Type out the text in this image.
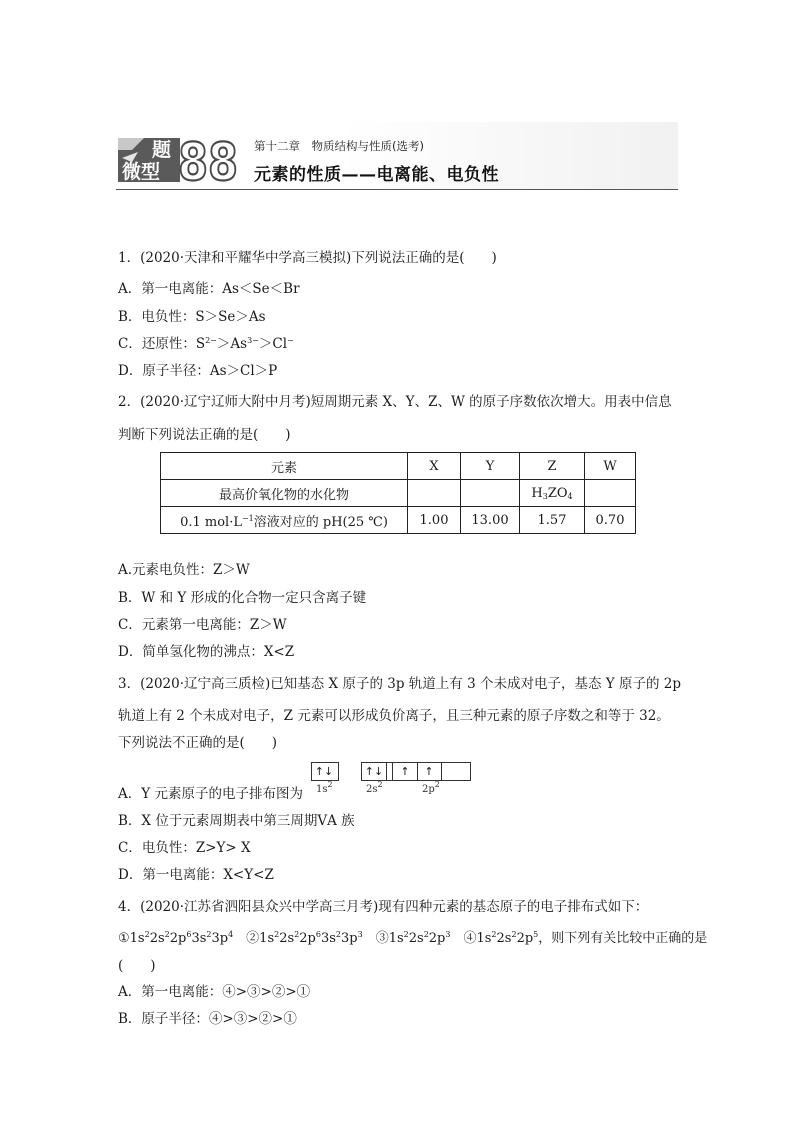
题
微型 88 第十二章　物质结构与性质(选考)
元素的性质——电离能、电负性
1．(2020·天津和平耀华中学高三模拟)下列说法正确的是(　　)
A．第一电离能：As＜Se＜Br
B．电负性：S＞Se＞As
C．还原性：$S^{2-}>As^{3-}>Cl^-$
D．原子半径：As＞Cl＞P
2．(2020·辽宁辽师大附中月考)短周期元素 X、Y、Z、W 的原子序数依次增大。用表中信息
判断下列说法正确的是(　　)
元素	X	Y	Z	W
最高价氧化物的水化物			$H_3ZO_4$	
0.1 $mol\cdot L^{-1}$溶液对应的 pH(25 ℃)	1.00	13.00	1.57	0.70
A.元素电负性：Z＞W
B．W 和 Y 形成的化合物一定只含离子键
C．元素第一电离能：Z＞W
D．简单氢化物的沸点：X<Z
3．(2020·辽宁高三质检)已知基态 X 原子的 3p 轨道上有 3 个未成对电子，基态 Y 原子的 2p
轨道上有 2 个未成对电子，Z 元素可以形成负价离子，且三种元素的原子序数之和等于 32。
下列说法不正确的是(　　)
A．Y 元素原子的电子排布图为
↑↓	↑↓	↑	↑
$1s^2$	$2s^2$	$2p^2$
B．X 位于元素周期表中第三周期ⅤA 族
C．电负性：Z>Y> X
D．第一电离能：X<Y<Z
4．(2020·江苏省泗阳县众兴中学高三月考)现有四种元素的基态原子的电子排布式如下：
$①1s^22s^22p^63s^23p^4$　$②1s^22s^22p^63s^23p^3$　$③1s^22s^22p^3$　$④1s^22s^22p^5$，则下列有关比较中正确的是
(　　)
A．第一电离能：④>③>②>①
B．原子半径：④>③>②>①
